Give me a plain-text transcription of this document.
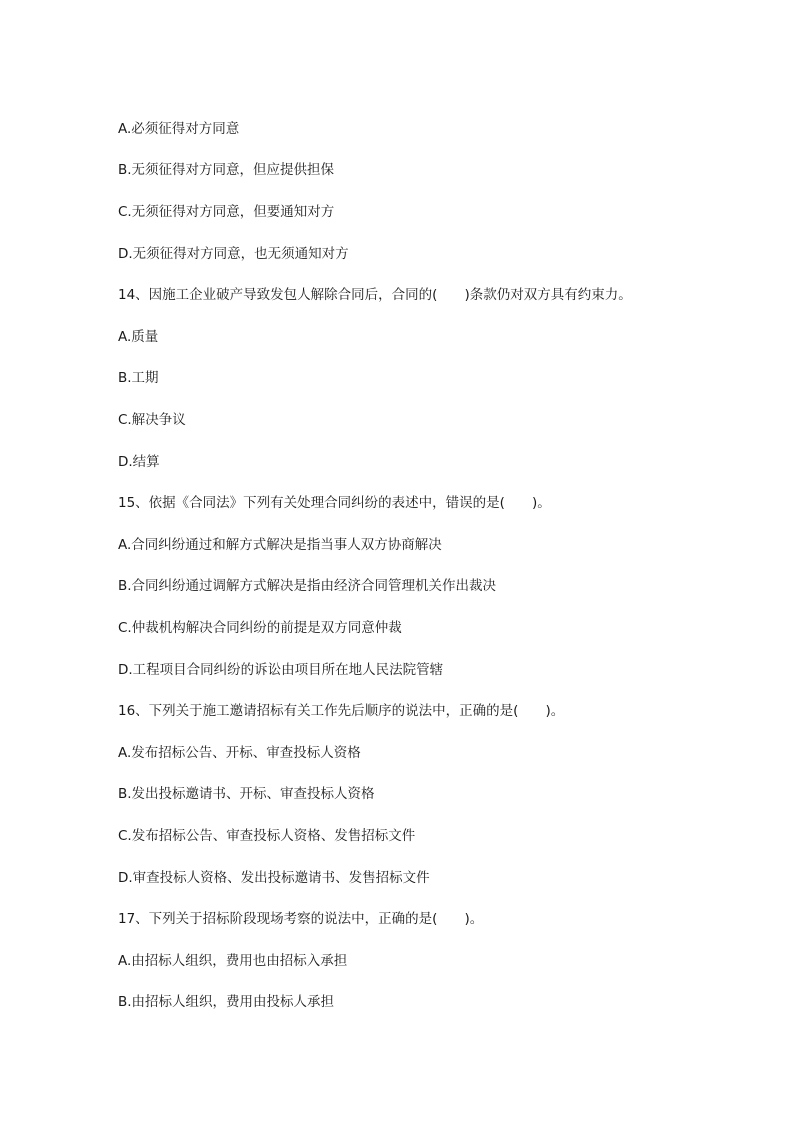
A.必须征得对方同意
B.无须征得对方同意，但应提供担保
C.无须征得对方同意，但要通知对方
D.无须征得对方同意，也无须通知对方
14、因施工企业破产导致发包人解除合同后，合同的(　　)条款仍对双方具有约束力。
A.质量
B.工期
C.解决争议
D.结算
15、依据《合同法》下列有关处理合同纠纷的表述中，错误的是(　　)。
A.合同纠纷通过和解方式解决是指当事人双方协商解决
B.合同纠纷通过调解方式解决是指由经济合同管理机关作出裁决
C.仲裁机构解决合同纠纷的前提是双方同意仲裁
D.工程项目合同纠纷的诉讼由项目所在地人民法院管辖
16、下列关于施工邀请招标有关工作先后顺序的说法中，正确的是(　　)。
A.发布招标公告、开标、审查投标人资格
B.发出投标邀请书、开标、审查投标人资格
C.发布招标公告、审查投标人资格、发售招标文件
D.审查投标人资格、发出投标邀请书、发售招标文件
17、下列关于招标阶段现场考察的说法中，正确的是(　　)。
A.由招标人组织，费用也由招标入承担
B.由招标人组织，费用由投标人承担
